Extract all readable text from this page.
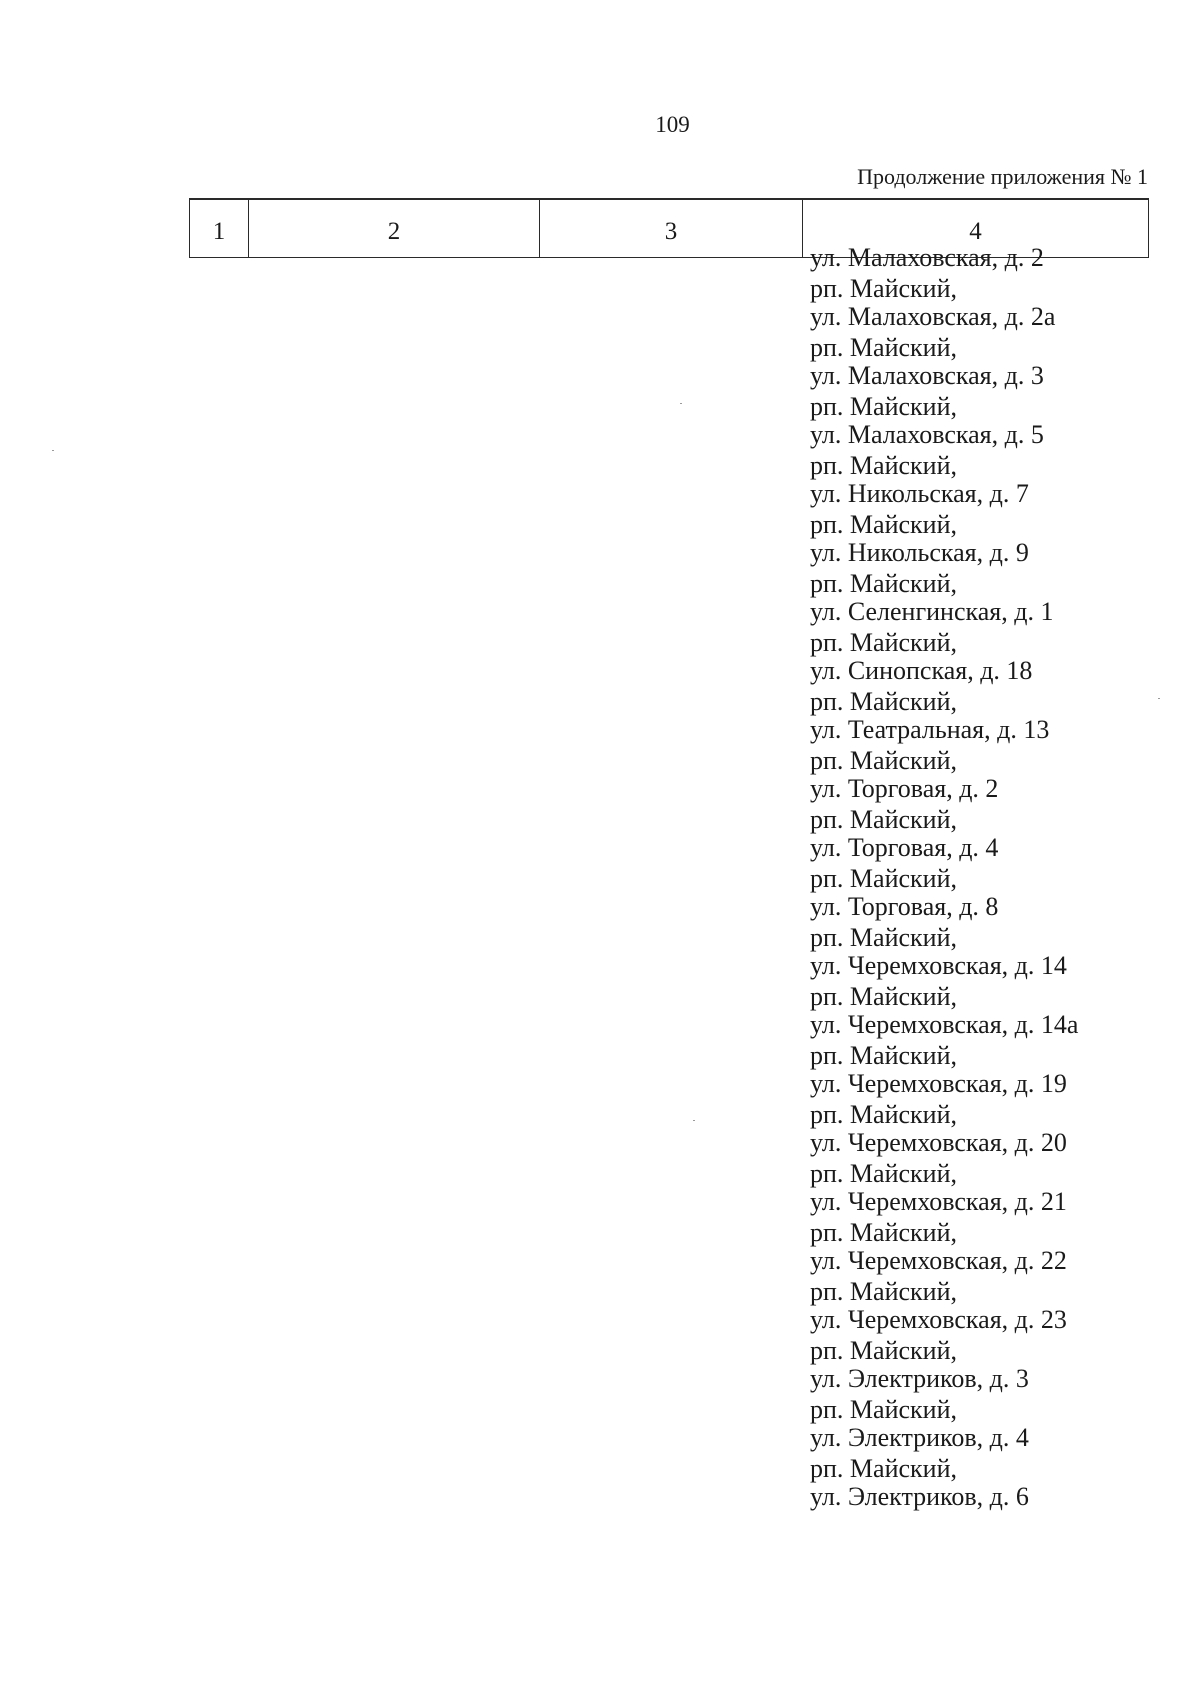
109
Продолжение приложения № 1
1	2	3	4
ул. Малаховская, д. 2
рп. Майский,
ул. Малаховская, д. 2а
рп. Майский,
ул. Малаховская, д. 3
рп. Майский,
ул. Малаховская, д. 5
рп. Майский,
ул. Никольская, д. 7
рп. Майский,
ул. Никольская, д. 9
рп. Майский,
ул. Селенгинская, д. 1
рп. Майский,
ул. Синопская, д. 18
рп. Майский,
ул. Театральная, д. 13
рп. Майский,
ул. Торговая, д. 2
рп. Майский,
ул. Торговая, д. 4
рп. Майский,
ул. Торговая, д. 8
рп. Майский,
ул. Черемховская, д. 14
рп. Майский,
ул. Черемховская, д. 14а
рп. Майский,
ул. Черемховская, д. 19
рп. Майский,
ул. Черемховская, д. 20
рп. Майский,
ул. Черемховская, д. 21
рп. Майский,
ул. Черемховская, д. 22
рп. Майский,
ул. Черемховская, д. 23
рп. Майский,
ул. Электриков, д. 3
рп. Майский,
ул. Электриков, д. 4
рп. Майский,
ул. Электриков, д. 6
